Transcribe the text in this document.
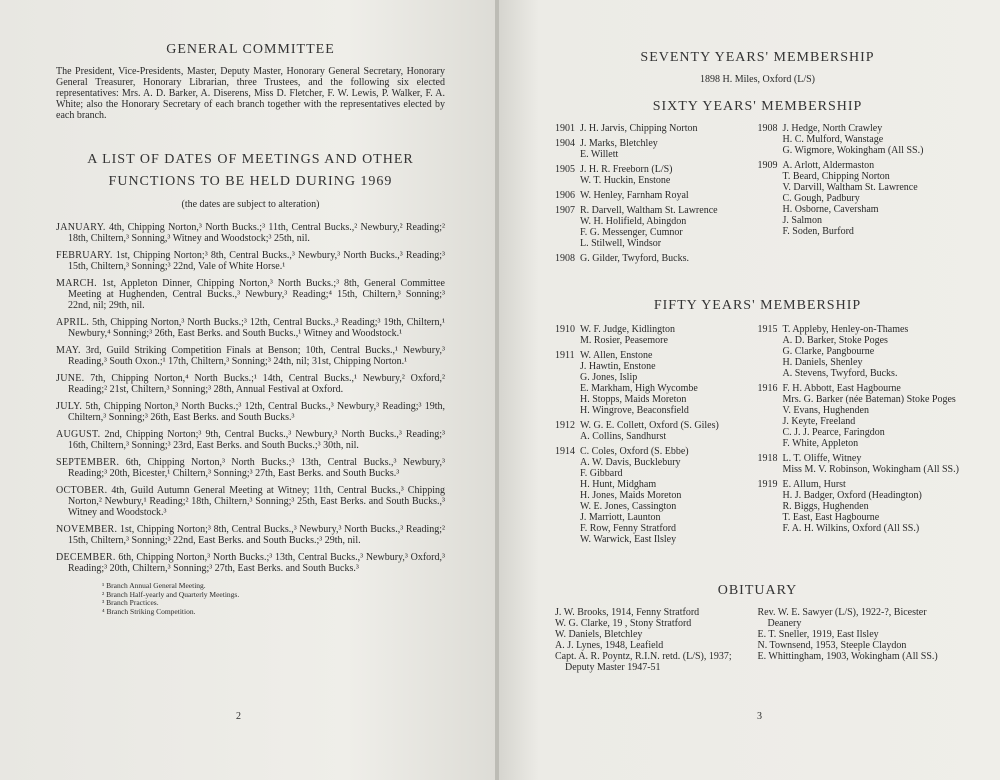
GENERAL COMMITTEE

The President, Vice-Presidents, Master, Deputy Master, Honorary General Secretary, Honorary General Treasurer, Honorary Librarian, three Trustees, and the following six elected representatives: Mrs. A. D. Barker, A. Diserens, Miss D. Fletcher, F. W. Lewis, P. Walker, F. A. White; also the Honorary Secretary of each branch together with the representatives elected by each branch.

A LIST OF DATES OF MEETINGS AND OTHER
FUNCTIONS TO BE HELD DURING 1969

(the dates are subject to alteration)

JANUARY. 4th, Chipping Norton,³ North Bucks.;³ 11th, Central Bucks.,² Newbury,² Reading;² 18th, Chiltern,³ Sonning,³ Witney and Woodstock;³ 25th, nil.

FEBRUARY. 1st, Chipping Norton;³ 8th, Central Bucks.,³ Newbury,³ North Bucks.,³ Reading;³ 15th, Chiltern,³ Sonning;³ 22nd, Vale of White Horse.¹

MARCH. 1st, Appleton Dinner, Chipping Norton,³ North Bucks.;³ 8th, General Committee Meeting at Hughenden, Central Bucks.,³ Newbury,³ Reading;⁴ 15th, Chiltern,³ Sonning;³ 22nd, nil; 29th, nil.

APRIL. 5th, Chipping Norton,³ North Bucks.;³ 12th, Central Bucks.,³ Reading;³ 19th, Chiltern,¹ Newbury,⁴ Sonning;³ 26th, East Berks. and South Bucks.,¹ Witney and Woodstock.¹

MAY. 3rd, Guild Striking Competition Finals at Benson; 10th, Central Bucks.,¹ Newbury,³ Reading,³ South Oxon.;¹ 17th, Chiltern,³ Sonning;³ 24th, nil; 31st, Chipping Norton.¹

JUNE. 7th, Chipping Norton,⁴ North Bucks.;¹ 14th, Central Bucks.,¹ Newbury,² Oxford,² Reading;² 21st, Chiltern,³ Sonning;³ 28th, Annual Festival at Oxford.

JULY. 5th, Chipping Norton,³ North Bucks.;³ 12th, Central Bucks.,³ Newbury,³ Reading;³ 19th, Chiltern,³ Sonning;³ 26th, East Berks. and South Bucks.³

AUGUST. 2nd, Chipping Norton;³ 9th, Central Bucks.,³ Newbury,³ North Bucks.,³ Reading;³ 16th, Chiltern,³ Sonning;³ 23rd, East Berks. and South Bucks.;³ 30th, nil.

SEPTEMBER. 6th, Chipping Norton,³ North Bucks.;³ 13th, Central Bucks.,³ Newbury,³ Reading;³ 20th, Bicester,¹ Chiltern,³ Sonning;³ 27th, East Berks. and South Bucks.³

OCTOBER. 4th, Guild Autumn General Meeting at Witney; 11th, Central Bucks.,³ Chipping Norton,² Newbury,¹ Reading;² 18th, Chiltern,³ Sonning;³ 25th, East Berks. and South Bucks.,³ Witney and Woodstock.³

NOVEMBER. 1st, Chipping Norton;³ 8th, Central Bucks.,³ Newbury,³ North Bucks.,³ Reading;² 15th, Chiltern,³ Sonning;³ 22nd, East Berks. and South Bucks.;³ 29th, nil.

DECEMBER. 6th, Chipping Norton,³ North Bucks.;³ 13th, Central Bucks.,³ Newbury,³ Oxford,³ Reading;³ 20th, Chiltern,³ Sonning;³ 27th, East Berks. and South Bucks.³

¹ Branch Annual General Meeting.
² Branch Half-yearly and Quarterly Meetings.
³ Branch Practices.
⁴ Branch Striking Competition.
2
SEVENTY YEARS' MEMBERSHIP

1898 H. Miles, Oxford (L/S)

SIXTY YEARS' MEMBERSHIP
1901 J. H. Jarvis, Chipping Norton
1904 J. Marks, Bletchley
E. Willett
1905 J. H. R. Freeborn (L/S)
W. T. Huckin, Enstone
1906 W. Henley, Farnham Royal
1907 R. Darvell, Waltham St. Lawrence
W. H. Holifield, Abingdon
F. G. Messenger, Cumnor
L. Stilwell, Windsor
1908 G. Gilder, Twyford, Bucks.
1908 J. Hedge, North Crawley
H. C. Mulford, Wanstage
G. Wigmore, Wokingham (All SS.)
1909 A. Arlott, Aldermaston
T. Beard, Chipping Norton
V. Darvill, Waltham St. Lawrence
C. Gough, Padbury
H. Osborne, Caversham
J. Salmon
F. Soden, Burford
FIFTY YEARS' MEMBERSHIP
1910 W. F. Judge, Kidlington
M. Rosier, Peasemore
1911 W. Allen, Enstone
J. Hawtin, Enstone
G. Jones, Islip
E. Markham, High Wycombe
H. Stopps, Maids Moreton
H. Wingrove, Beaconsfield
1912 W. G. E. Collett, Oxford (S. Giles)
A. Collins, Sandhurst
1914 C. Coles, Oxford (S. Ebbe)
A. W. Davis, Bucklebury
F. Gibbard
H. Hunt, Midgham
H. Jones, Maids Moreton
W. E. Jones, Cassington
J. Marriott, Launton
F. Row, Fenny Stratford
W. Warwick, East Ilsley
1915 T. Appleby, Henley-on-Thames
A. D. Barker, Stoke Poges
G. Clarke, Pangbourne
H. Daniels, Shenley
A. Stevens, Twyford, Bucks.
1916 F. H. Abbott, East Hagbourne
Mrs. G. Barker (née Bateman) Stoke Poges
V. Evans, Hughenden
J. Keyte, Freeland
C. J. J. Pearce, Faringdon
F. White, Appleton
1918 L. T. Oliffe, Witney
Miss M. V. Robinson, Wokingham (All SS.)
1919 E. Allum, Hurst
H. J. Badger, Oxford (Headington)
R. Biggs, Hughenden
T. East, East Hagbourne
F. A. H. Wilkins, Oxford (All SS.)
OBITUARY
J. W. Brooks, 1914, Fenny Stratford
W. G. Clarke, 19 , Stony Stratford
W. Daniels, Bletchley
A. J. Lynes, 1948, Leafield
Capt. A. R. Poyntz, R.I.N. retd. (L/S), 1937; Deputy Master 1947-51
Rev. W. E. Sawyer (L/S), 1922-?, Bicester Deanery
E. T. Sneller, 1919, East Ilsley
N. Townsend, 1953, Steeple Claydon
E. Whittingham, 1903, Wokingham (All SS.)
3
